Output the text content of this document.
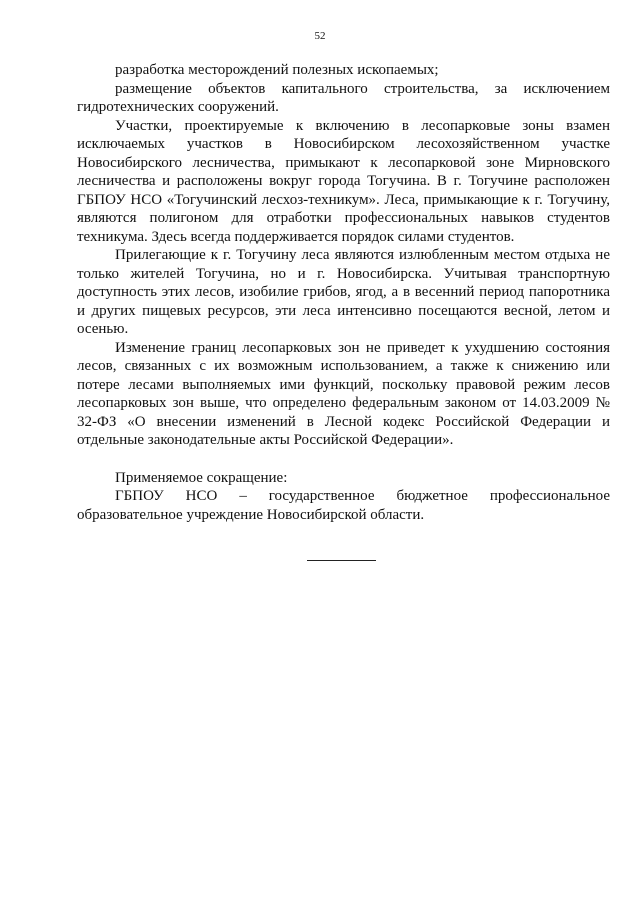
52

разработка месторождений полезных ископаемых;

размещение объектов капитального строительства, за исключением гидротехнических сооружений.

Участки, проектируемые к включению в лесопарковые зоны взамен исключаемых участков в Новосибирском лесохозяйственном участке Новосибирского лесничества, примыкают к лесопарковой зоне Мирновского лесничества и расположены вокруг города Тогучина. В г. Тогучине расположен ГБПОУ НСО «Тогучинский лесхоз-техникум». Леса, примыкающие к г. Тогучину, являются полигоном для отработки профессиональных навыков студентов техникума. Здесь всегда поддерживается порядок силами студентов.

Прилегающие к г. Тогучину леса являются излюбленным местом отдыха не только жителей Тогучина, но и г. Новосибирска. Учитывая транспортную доступность этих лесов, изобилие грибов, ягод, а в весенний период папоротника и других пищевых ресурсов, эти леса интенсивно посещаются весной, летом и осенью.

Изменение границ лесопарковых зон не приведет к ухудшению состояния лесов, связанных с их возможным использованием, а также к снижению или потере лесами выполняемых ими функций, поскольку правовой режим лесов лесопарковых зон выше, что определено федеральным законом от 14.03.2009 № 32-ФЗ «О внесении изменений в Лесной кодекс Российской Федерации и отдельные законодательные акты Российской Федерации».

Применяемое сокращение:

ГБПОУ НСО – государственное бюджетное профессиональное образовательное учреждение Новосибирской области.
